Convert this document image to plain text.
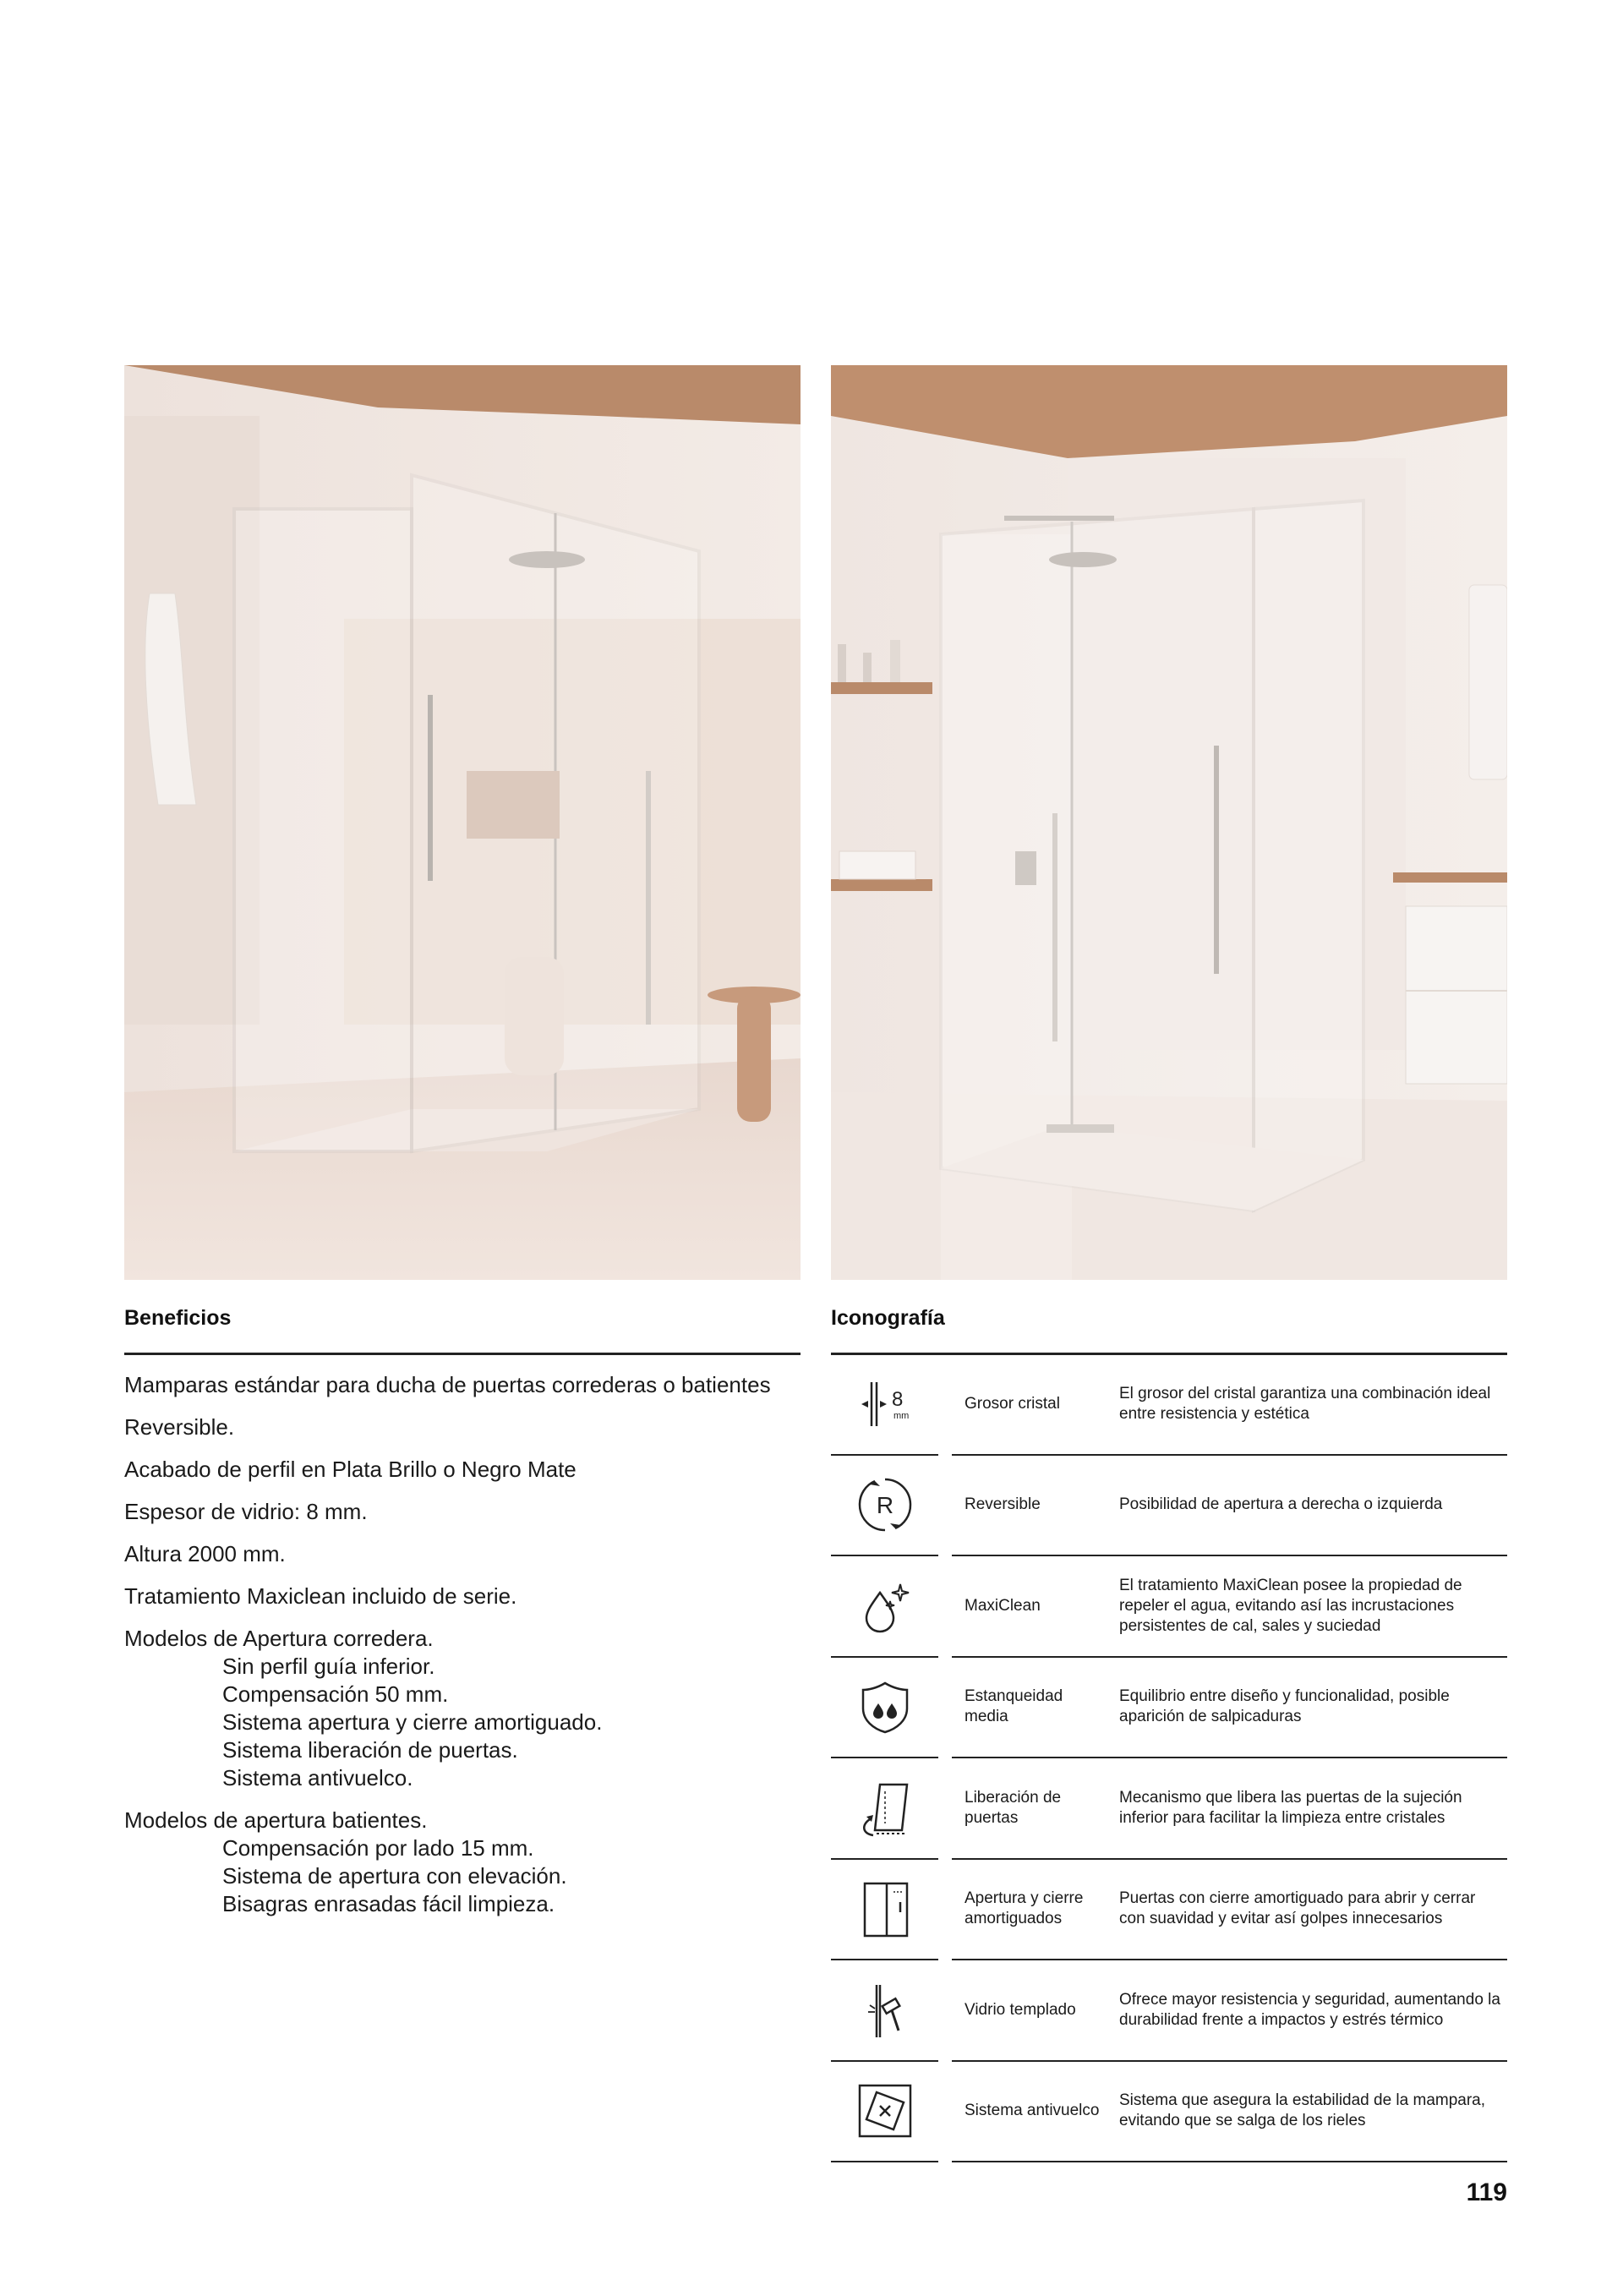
Beneficios
Mamparas estándar para ducha de puertas correderas o batientes
Reversible.
Acabado de perfil en Plata Brillo o Negro Mate
Espesor de vidrio: 8 mm.
Altura 2000 mm.
Tratamiento Maxiclean incluido de serie.
Modelos de Apertura corredera.
Sin perfil guía inferior.
Compensación 50 mm.
Sistema apertura y cierre amortiguado.
Sistema liberación de puertas.
Sistema antivuelco.
Modelos de apertura batientes.
Compensación por lado 15 mm.
Sistema de apertura con elevación.
Bisagras enrasadas fácil limpieza.
Iconografía
8
mm
Grosor cristal
El grosor del cristal garantiza una combinación ideal entre resistencia y estética
R	Reversible	Posibilidad de apertura a derecha o izquierda
MaxiClean
El tratamiento MaxiClean posee la propiedad de repeler el agua, evitando así las incrustaciones persistentes de cal, sales y suciedad
Estanqueidad media
Equilibrio entre diseño y funcionalidad, posible aparición de salpicaduras
Liberación de puertas
Mecanismo que libera las puertas de la sujeción inferior para facilitar la limpieza entre cristales
Apertura y cierre amortiguados
Puertas con cierre amortiguado para abrir y cerrar con suavidad y evitar así golpes innecesarios
Vidrio templado
Ofrece mayor resistencia y seguridad, aumentando la durabilidad frente a impactos y estrés térmico
Sistema antivuelco
Sistema que asegura la estabilidad de la mampara, evitando que se salga de los rieles
119
